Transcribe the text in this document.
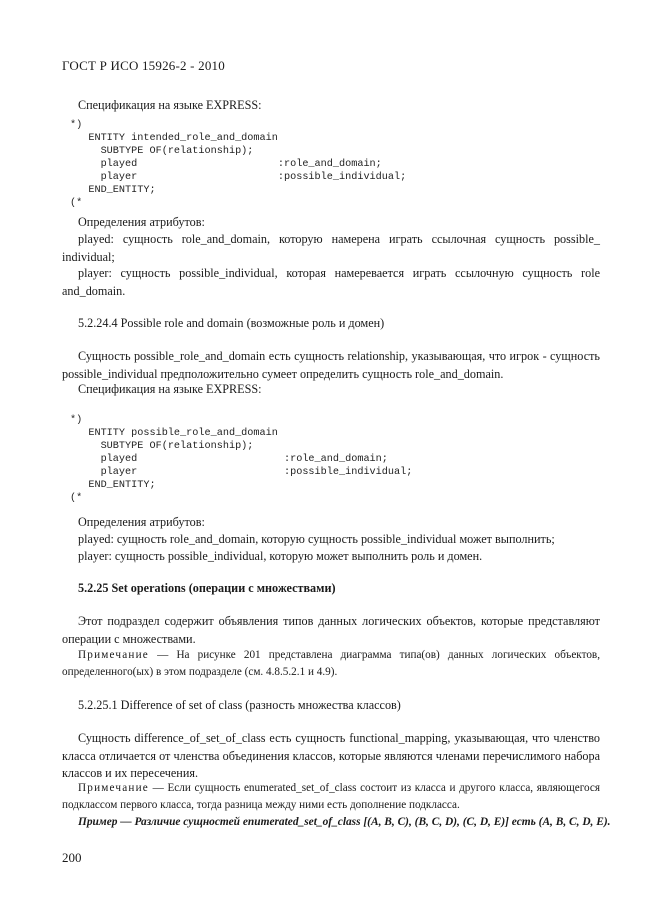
ГОСТ Р ИСО 15926-2 - 2010
Спецификация на языке EXPRESS:
*)
ENTITY intended_role_and_domain
SUBTYPE OF(relationship);
played                       :role_and_domain;
player                       :possible_individual;
END_ENTITY;
(*
Определения атрибутов:

played: сущность role_and_domain, которую намерена играть ссылочная сущность possible_ individual;

player: сущность possible_individual, которая намеревается играть ссылочную сущность role and_domain.

5.2.24.4 Possible role and domain (возможные роль и домен)

Сущность possible_role_and_domain есть сущность relationship, указывающая, что игрок - сущность possible_individual предположительно сумеет определить сущность role_and_domain.

Спецификация на языке EXPRESS:
*)
ENTITY possible_role_and_domain
SUBTYPE OF(relationship);
played                        :role_and_domain;
player                        :possible_individual;
END_ENTITY;
(*
Определения атрибутов:
played: сущность role_and_domain, которую сущность possible_individual может выполнить;
player: сущность possible_individual, которую может выполнить роль и домен.
5.2.25 Set operations (операции с множествами)

Этот подраздел содержит объявления типов данных логических объектов, которые представляют операции с множествами.

Примечание — На рисунке 201 представлена диаграмма типа(ов) данных логических объектов, определенного(ых) в этом подразделе (см. 4.8.5.2.1 и 4.9).

5.2.25.1 Difference of set of class (разность множества классов)

Сущность difference_of_set_of_class есть сущность functional_mapping, указывающая, что членство класса отличается от членства объединения классов, которые являются членами перечислимого набора классов и их пересечения.

Примечание — Если сущность enumerated_set_of_class состоит из класса и другого класса, являющегося подклассом первого класса, тогда разница между ними есть дополнение подкласса.

Пример — Различие сущностей enumerated_set_of_class [(A, B, C), (B, C, D), (C, D, E)] есть (A, B, C, D, E).
200
